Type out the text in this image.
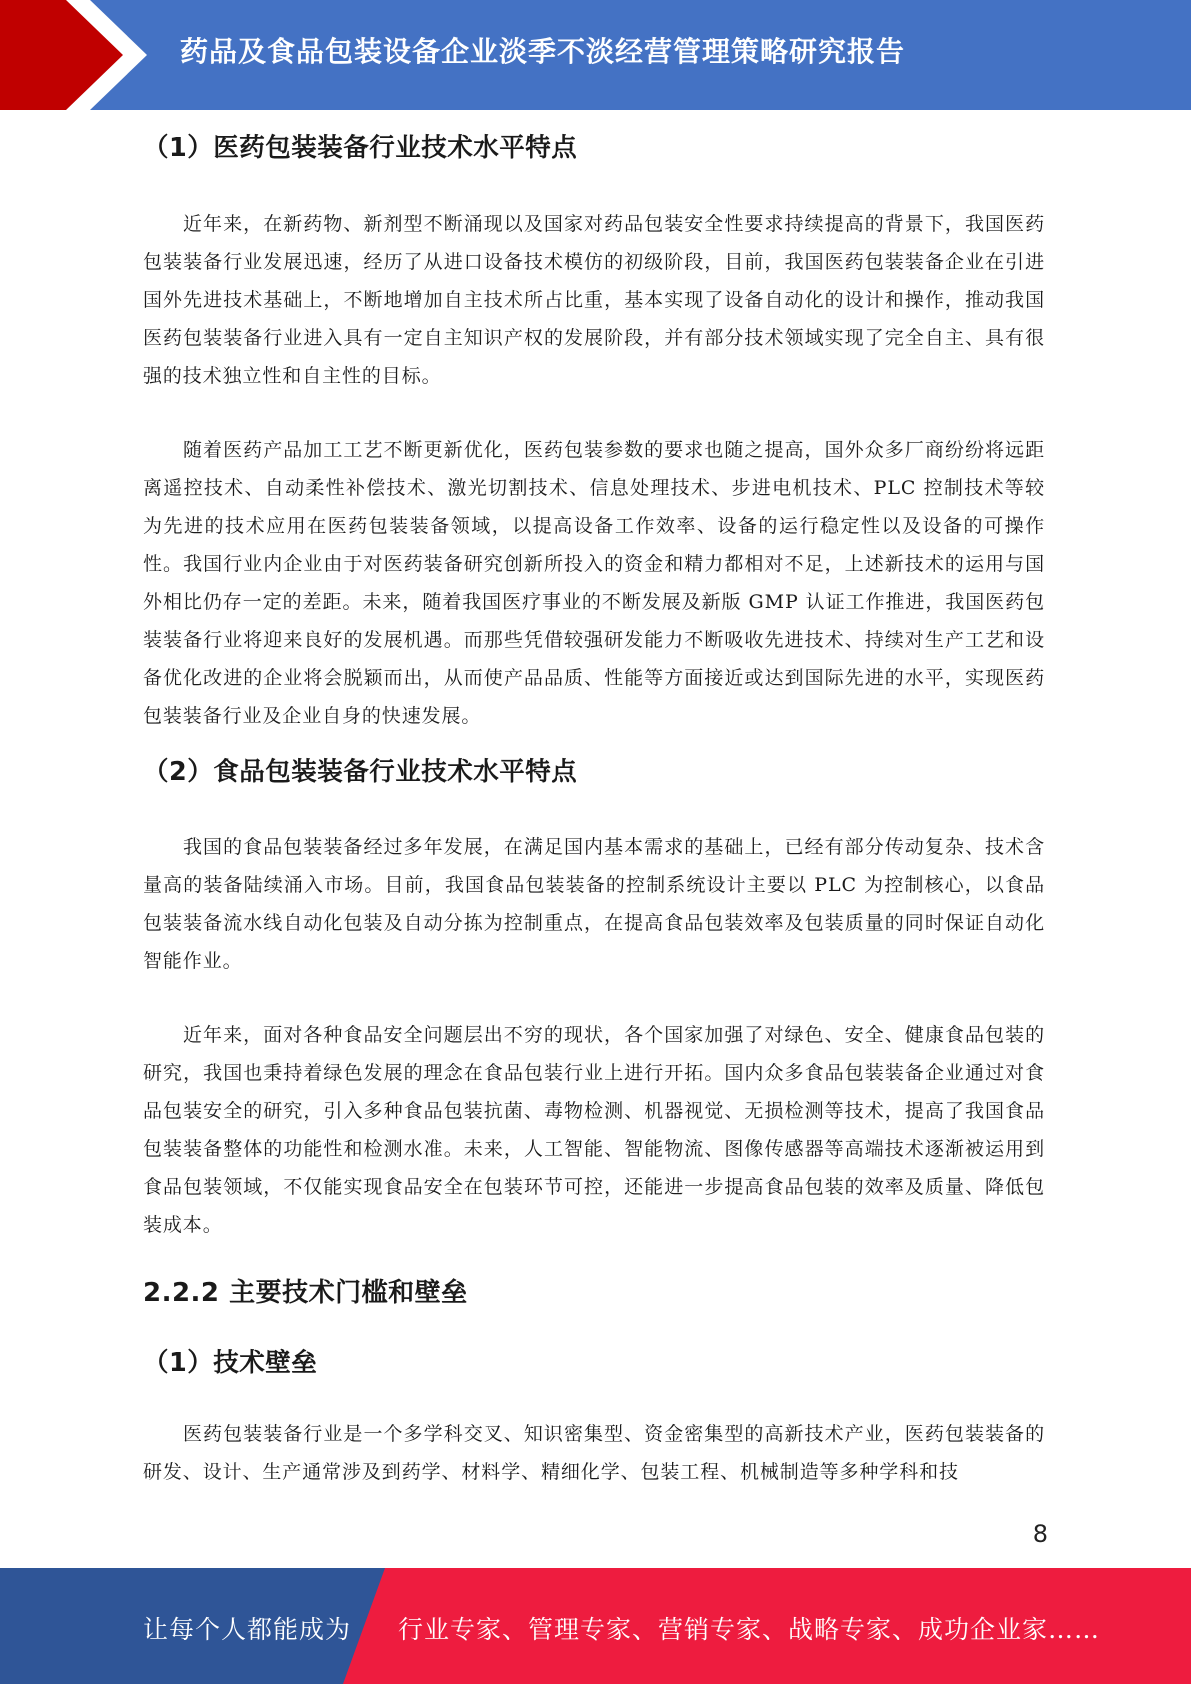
药品及食品包装设备企业淡季不淡经营管理策略研究报告
（1）医药包装装备行业技术水平特点

近年来，在新药物、新剂型不断涌现以及国家对药品包装安全性要求持续提高的背景下，我国医药包装装备行业发展迅速，经历了从进口设备技术模仿的初级阶段，目前，我国医药包装装备企业在引进国外先进技术基础上，不断地增加自主技术所占比重，基本实现了设备自动化的设计和操作，推动我国医药包装装备行业进入具有一定自主知识产权的发展阶段，并有部分技术领域实现了完全自主、具有很强的技术独立性和自主性的目标。

随着医药产品加工工艺不断更新优化，医药包装参数的要求也随之提高，国外众多厂商纷纷将远距离遥控技术、自动柔性补偿技术、激光切割技术、信息处理技术、步进电机技术、PLC 控制技术等较为先进的技术应用在医药包装装备领域，以提高设备工作效率、设备的运行稳定性以及设备的可操作性。我国行业内企业由于对医药装备研究创新所投入的资金和精力都相对不足，上述新技术的运用与国外相比仍存一定的差距。未来，随着我国医疗事业的不断发展及新版 GMP 认证工作推进，我国医药包装装备行业将迎来良好的发展机遇。而那些凭借较强研发能力不断吸收先进技术、持续对生产工艺和设备优化改进的企业将会脱颖而出，从而使产品品质、性能等方面接近或达到国际先进的水平，实现医药包装装备行业及企业自身的快速发展。

（2）食品包装装备行业技术水平特点

我国的食品包装装备经过多年发展，在满足国内基本需求的基础上，已经有部分传动复杂、技术含量高的装备陆续涌入市场。目前，我国食品包装装备的控制系统设计主要以 PLC 为控制核心，以食品包装装备流水线自动化包装及自动分拣为控制重点，在提高食品包装效率及包装质量的同时保证自动化智能作业。

近年来，面对各种食品安全问题层出不穷的现状，各个国家加强了对绿色、安全、健康食品包装的研究，我国也秉持着绿色发展的理念在食品包装行业上进行开拓。国内众多食品包装装备企业通过对食品包装安全的研究，引入多种食品包装抗菌、毒物检测、机器视觉、无损检测等技术，提高了我国食品包装装备整体的功能性和检测水准。未来，人工智能、智能物流、图像传感器等高端技术逐渐被运用到食品包装领域，不仅能实现食品安全在包装环节可控，还能进一步提高食品包装的效率及质量、降低包装成本。

2.2.2 主要技术门槛和壁垒
（1）技术壁垒

医药包装装备行业是一个多学科交叉、知识密集型、资金密集型的高新技术产业，医药包装装备的研发、设计、生产通常涉及到药学、材料学、精细化学、包装工程、机械制造等多种学科和技

8
让每个人都能成为 行业专家、管理专家、营销专家、战略专家、成功企业家……
